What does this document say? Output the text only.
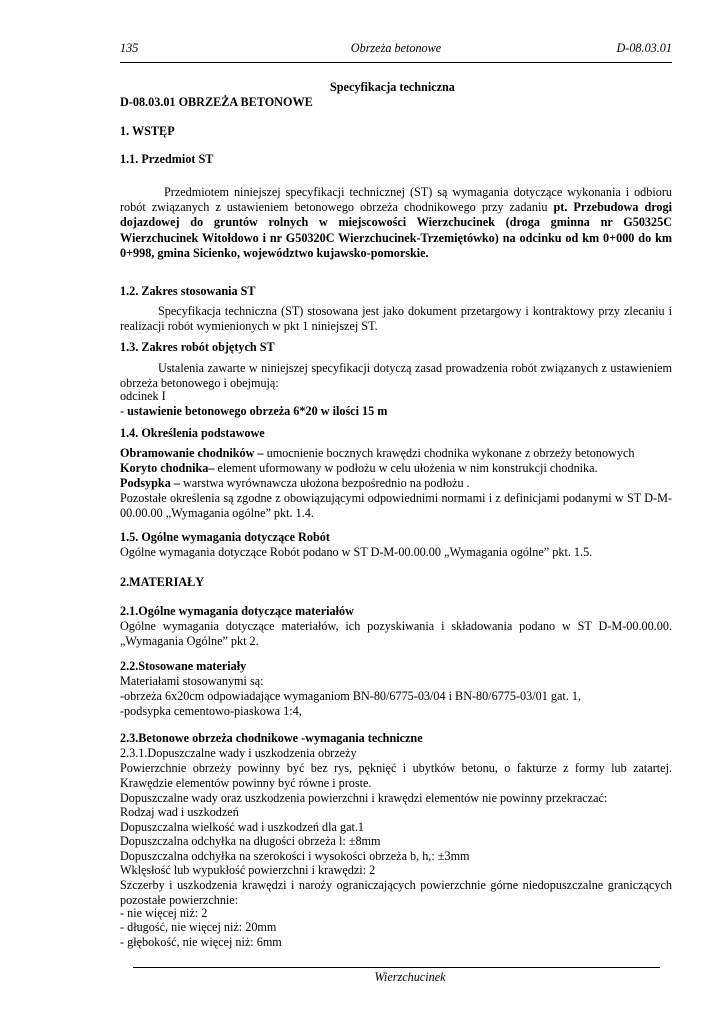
135	Obrzeża betonowe	D-08.03.01
Specyfikacja techniczna
D-08.03.01 OBRZEŻA BETONOWE
1. WSTĘP
1.1. Przedmiot ST

Przedmiotem niniejszej specyfikacji technicznej (ST) są wymagania dotyczące wykonania i odbioru robót związanych z ustawieniem betonowego obrzeża chodnikowego przy zadaniu pt. Przebudowa drogi dojazdowej do gruntów rolnych w miejscowości Wierzchucinek (droga gminna nr G50325C Wierzchucinek Witołdowo i nr G50320C Wierzchucinek-Trzemiętówko) na odcinku od km 0+000 do km 0+998, gmina Sicienko, województwo kujawsko-pomorskie.

1.2. Zakres stosowania ST

Specyfikacja techniczna (ST) stosowana jest jako dokument przetargowy i kontraktowy przy zlecaniu i realizacji robót wymienionych w pkt 1 niniejszej ST.

1.3. Zakres robót objętych ST

Ustalenia zawarte w niniejszej specyfikacji dotyczą zasad prowadzenia robót związanych z ustawieniem obrzeża betonowego i obejmują:

odcinek I
- ustawienie betonowego obrzeża 6*20 w ilości 15 m
1.4. Określenia podstawowe
Obramowanie chodników – umocnienie bocznych krawędzi chodnika wykonane z obrzeży betonowych
Koryto chodnika– element uformowany w podłożu w celu ułożenia w nim konstrukcji chodnika.
Podsypka – warstwa wyrównawcza ułożona bezpośrednio na podłożu .

Pozostałe określenia są zgodne z obowiązującymi odpowiednimi normami i z definicjami podanymi w ST D-M-00.00.00 „Wymagania ogólne” pkt. 1.4.

1.5. Ogólne wymagania dotyczące Robót

Ogólne wymagania dotyczące Robót podano w ST D-M-00.00.00 „Wymagania ogólne” pkt. 1.5.

2.MATERIAŁY
2.1.Ogólne wymagania dotyczące materiałów

Ogólne wymagania dotyczące materiałów, ich pozyskiwania i składowania podano w ST D-M-00.00.00. „Wymagania Ogólne” pkt 2.

2.2.Stosowane materiały
Materiałami stosowanymi są:
-obrzeża 6x20cm odpowiadające wymaganiom BN-80/6775-03/04 i BN-80/6775-03/01 gat. 1,
-podsypka cementowo-piaskowa 1:4,
2.3.Betonowe obrzeża chodnikowe -wymagania techniczne
2.3.1.Dopuszczalne wady i uszkodzenia obrzeży

Powierzchnie obrzeży powinny być bez rys, pęknięć i ubytków betonu, o fakturze z formy lub zatartej. Krawędzie elementów powinny być równe i proste.

Dopuszczalne wady oraz uszkodzenia powierzchni i krawędzi elementów nie powinny przekraczać:

Rodzaj wad i uszkodzeń
Dopuszczalna wielkość wad i uszkodzeń dla gat.1
Dopuszczalna odchyłka na długości obrzeża l: ±8mm
Dopuszczalna odchyłka na szerokości i wysokości obrzeża b, h,: ±3mm
Wklęsłość lub wypukłość powierzchni i krawędzi: 2

Szczerby i uszkodzenia krawędzi i naroży ograniczających powierzchnie górne niedopuszczalne graniczących pozostałe powierzchnie:

- nie więcej niż: 2
- długość, nie więcej niż: 20mm
- głębokość, nie więcej niż: 6mm
Wierzchucinek
